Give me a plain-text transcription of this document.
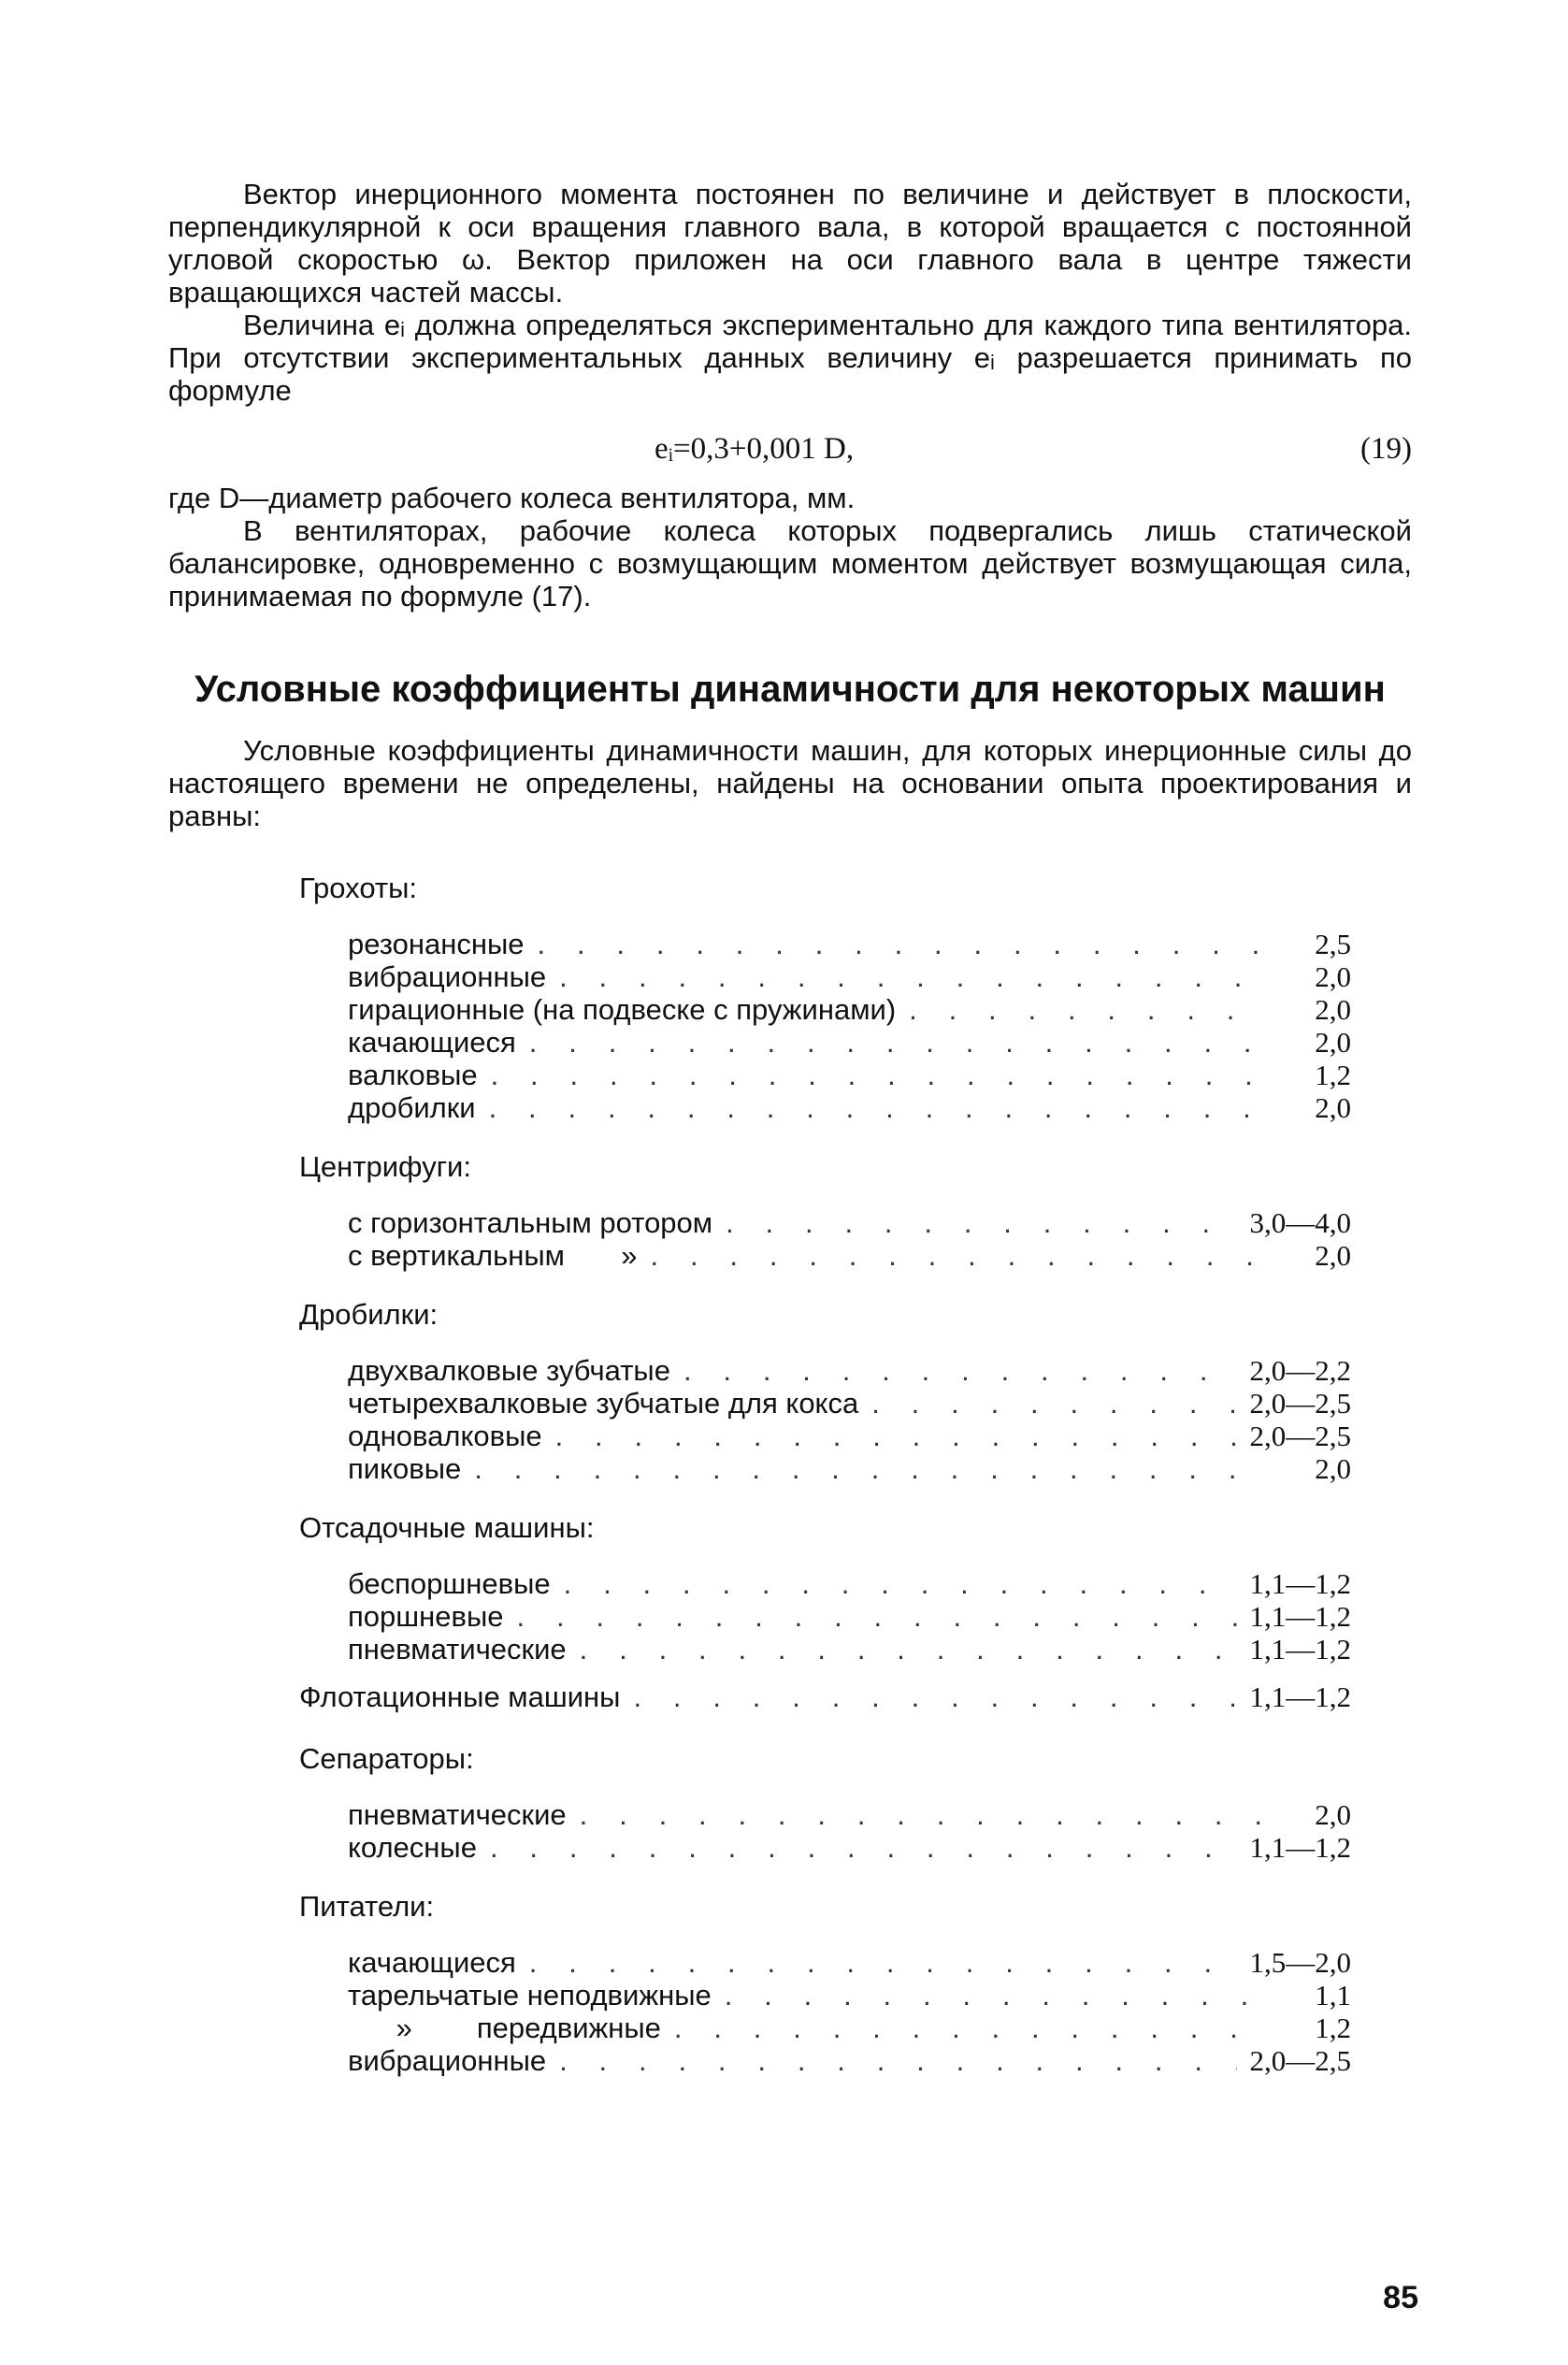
Вектор инерционного момента постоянен по величине и действует в плоскости, перпендикулярной к оси вращения главного вала, в которой вращается с постоянной угловой скоростью ω. Вектор приложен на оси главного вала в центре тяжести вращающихся частей массы.

Величина eᵢ должна определяться экспериментально для каждого типа вентилятора. При отсутствии экспериментальных данных величину eᵢ разрешается принимать по формуле

eᵢ=0,3+0,001 D,	(19)

где D—диаметр рабочего колеса вентилятора, мм.

В вентиляторах, рабочие колеса которых подвергались лишь статической балансировке, одновременно с возмущающим моментом действует возмущающая сила, принимаемая по формуле (17).

Условные коэффициенты динамичности для некоторых машин

Условные коэффициенты динамичности машин, для которых инерционные силы до настоящего времени не определены, найдены на основании опыта проектирования и равны:

Грохоты:

резонансные . .	2,5
вибрационные . .	2,0
гирационные (на подвеске с пружинами) . .	2,0
качающиеся . .	2,0
валковые . .	1,2
дробилки . .	2,0

Центрифуги:

с горизонтальным ротором . .	3,0—4,0
с вертикальным       » . .	2,0

Дробилки:

двухвалковые зубчатые . .	2,0—2,2
четырехвалковые зубчатые для кокса . .	2,0—2,5
одновалковые . .	2,0—2,5
пиковые . .	2,0

Отсадочные машины:

беспоршневые . .	1,1—1,2
поршневые . .	1,1—1,2
пневматические . .	1,1—1,2
Флотационные машины . .	1,1—1,2

Сепараторы:

пневматические . .	2,0
колесные . .	1,1—1,2

Питатели:

качающиеся . .	1,5—2,0
тарельчатые неподвижные . .	1,1
»        передвижные . .	1,2
вибрационные . .	2,0—2,5
85
